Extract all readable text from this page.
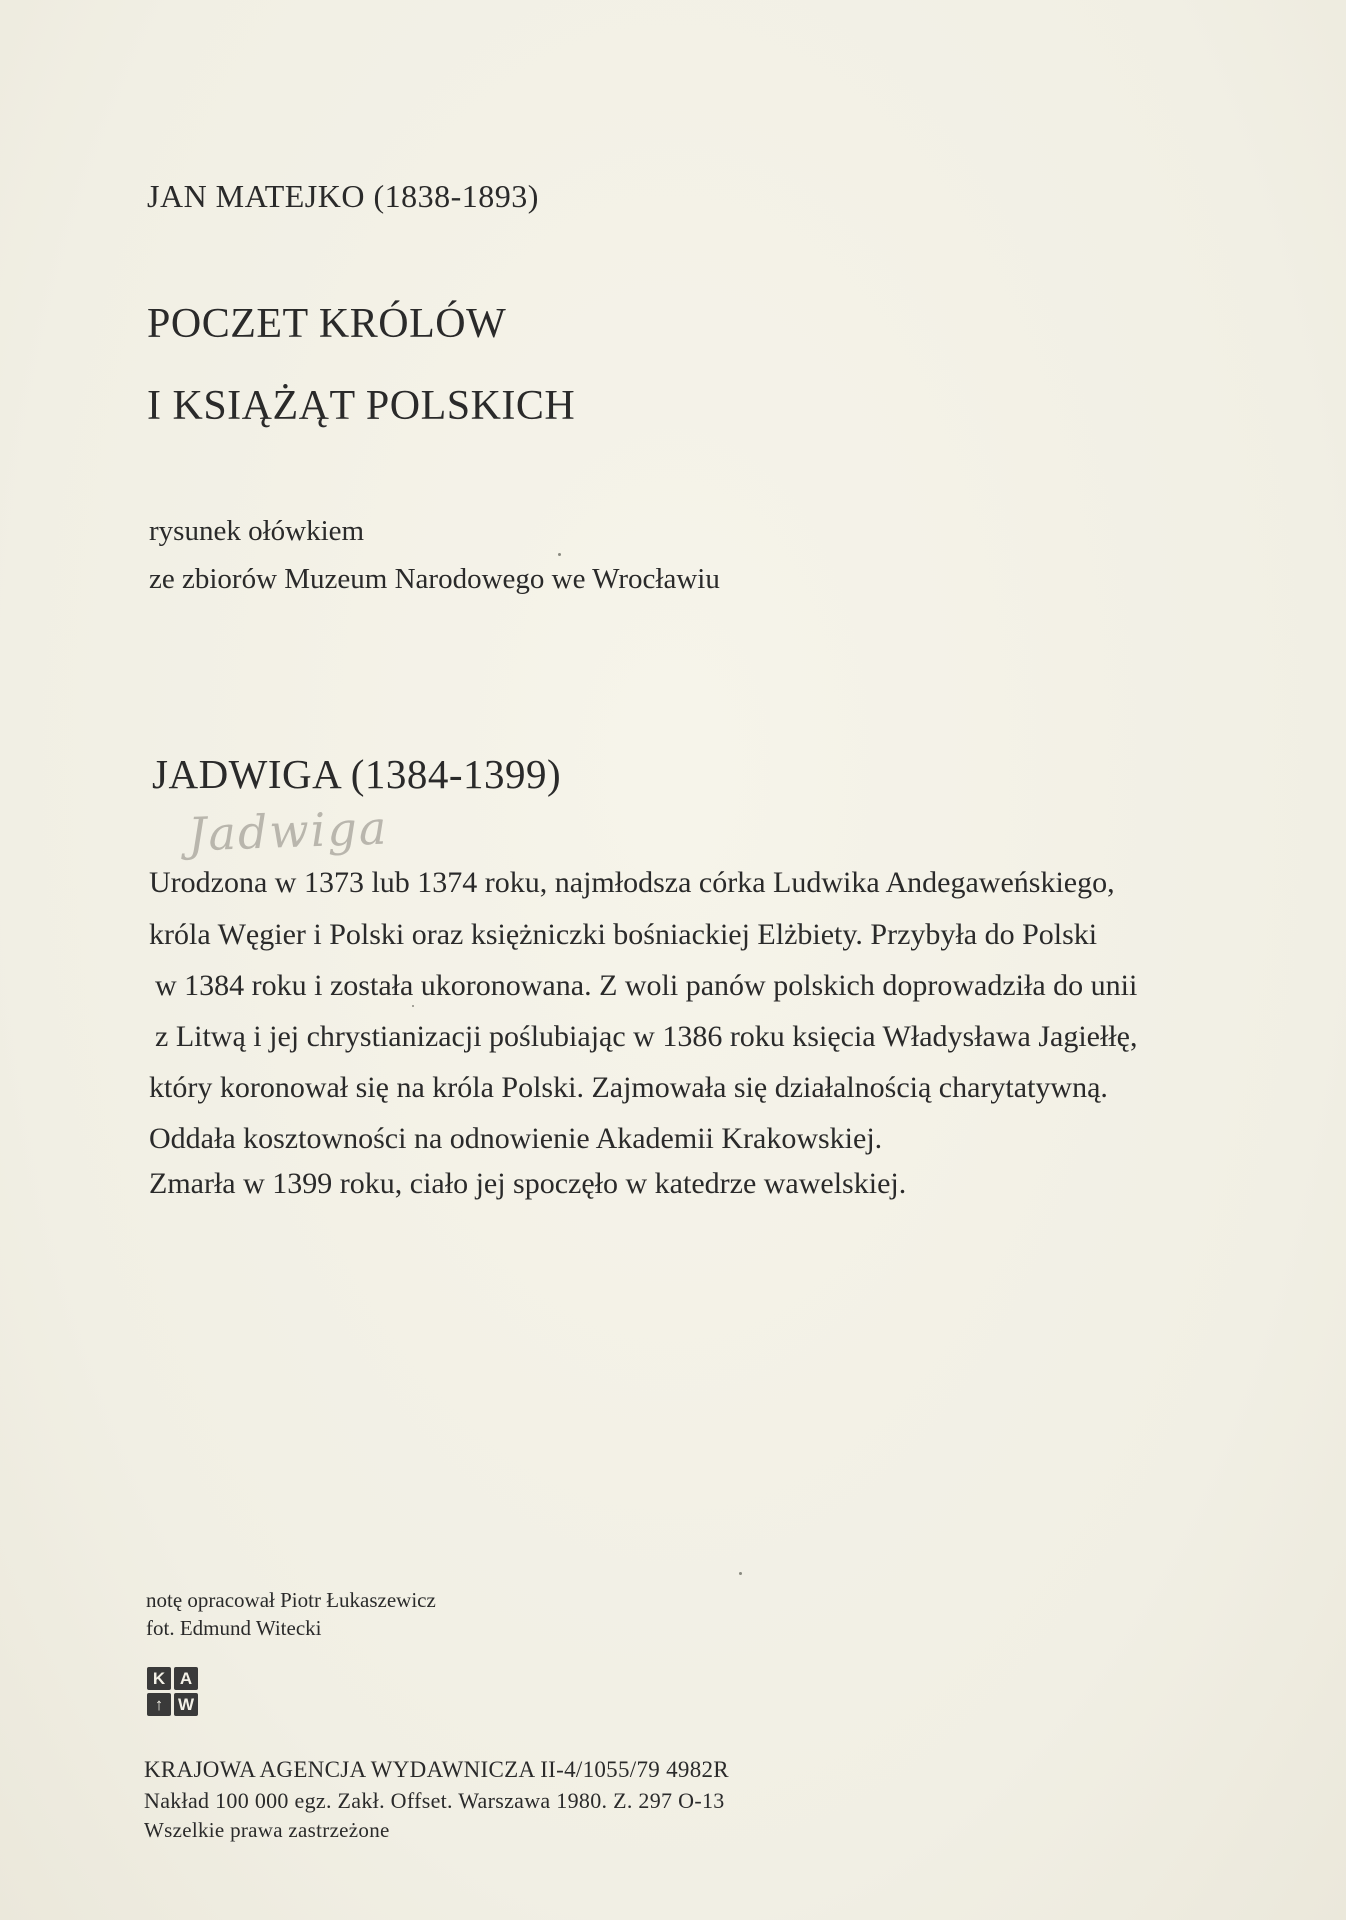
JAN MATEJKO (1838-1893)
POCZET KRÓLÓW
I KSIĄŻĄT POLSKICH
rysunek ołówkiem
ze zbiorów Muzeum Narodowego we Wrocławiu
JADWIGA (1384-1399)
Jadwiga
Urodzona w 1373 lub 1374 roku, najmłodsza córka Ludwika Andegaweńskiego,
króla Węgier i Polski oraz księżniczki bośniackiej Elżbiety. Przybyła do Polski
w 1384 roku i została ukoronowana. Z woli panów polskich doprowadziła do unii
z Litwą i jej chrystianizacji poślubiając w 1386 roku księcia Władysława Jagiełłę,
który koronował się na króla Polski. Zajmowała się działalnością charytatywną.
Oddała kosztowności na odnowienie Akademii Krakowskiej.
Zmarła w 1399 roku, ciało jej spoczęło w katedrze wawelskiej.
notę opracował Piotr Łukaszewicz
fot. Edmund Witecki
K A
↑ W
KRAJOWA AGENCJA WYDAWNICZA II-4/1055/79 4982R
Nakład 100 000 egz. Zakł. Offset. Warszawa 1980. Z. 297 O-13
Wszelkie prawa zastrzeżone
